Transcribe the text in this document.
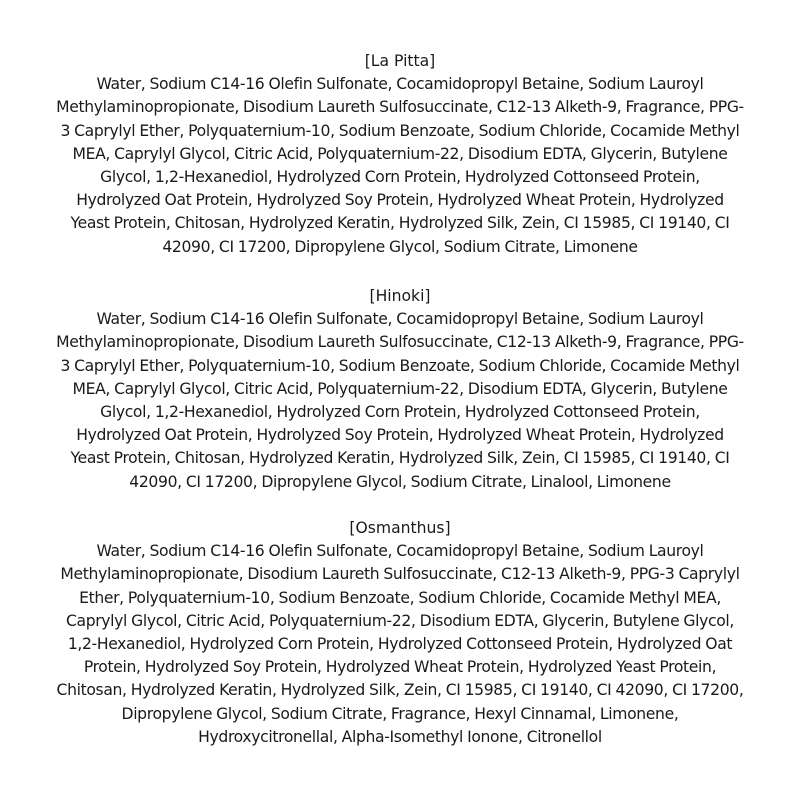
[La Pitta]
Water, Sodium C14-16 Olefin Sulfonate, Cocamidopropyl Betaine, Sodium Lauroyl
Methylaminopropionate, Disodium Laureth Sulfosuccinate, C12-13 Alketh-9, Fragrance, PPG-
3 Caprylyl Ether, Polyquaternium-10, Sodium Benzoate, Sodium Chloride, Cocamide Methyl
MEA, Caprylyl Glycol, Citric Acid, Polyquaternium-22, Disodium EDTA, Glycerin, Butylene
Glycol, 1,2-Hexanediol, Hydrolyzed Corn Protein, Hydrolyzed Cottonseed Protein,
Hydrolyzed Oat Protein, Hydrolyzed Soy Protein, Hydrolyzed Wheat Protein, Hydrolyzed
Yeast Protein, Chitosan, Hydrolyzed Keratin, Hydrolyzed Silk, Zein, CI 15985, CI 19140, CI
42090, CI 17200, Dipropylene Glycol, Sodium Citrate, Limonene
[Hinoki]
Water, Sodium C14-16 Olefin Sulfonate, Cocamidopropyl Betaine, Sodium Lauroyl
Methylaminopropionate, Disodium Laureth Sulfosuccinate, C12-13 Alketh-9, Fragrance, PPG-
3 Caprylyl Ether, Polyquaternium-10, Sodium Benzoate, Sodium Chloride, Cocamide Methyl
MEA, Caprylyl Glycol, Citric Acid, Polyquaternium-22, Disodium EDTA, Glycerin, Butylene
Glycol, 1,2-Hexanediol, Hydrolyzed Corn Protein, Hydrolyzed Cottonseed Protein,
Hydrolyzed Oat Protein, Hydrolyzed Soy Protein, Hydrolyzed Wheat Protein, Hydrolyzed
Yeast Protein, Chitosan, Hydrolyzed Keratin, Hydrolyzed Silk, Zein, CI 15985, CI 19140, CI
42090, CI 17200, Dipropylene Glycol, Sodium Citrate, Linalool, Limonene
[Osmanthus]
Water, Sodium C14-16 Olefin Sulfonate, Cocamidopropyl Betaine, Sodium Lauroyl
Methylaminopropionate, Disodium Laureth Sulfosuccinate, C12-13 Alketh-9, PPG-3 Caprylyl
Ether, Polyquaternium-10, Sodium Benzoate, Sodium Chloride, Cocamide Methyl MEA,
Caprylyl Glycol, Citric Acid, Polyquaternium-22, Disodium EDTA, Glycerin, Butylene Glycol,
1,2-Hexanediol, Hydrolyzed Corn Protein, Hydrolyzed Cottonseed Protein, Hydrolyzed Oat
Protein, Hydrolyzed Soy Protein, Hydrolyzed Wheat Protein, Hydrolyzed Yeast Protein,
Chitosan, Hydrolyzed Keratin, Hydrolyzed Silk, Zein, CI 15985, CI 19140, CI 42090, CI 17200,
Dipropylene Glycol, Sodium Citrate, Fragrance, Hexyl Cinnamal, Limonene,
Hydroxycitronellal, Alpha-Isomethyl Ionone, Citronellol
